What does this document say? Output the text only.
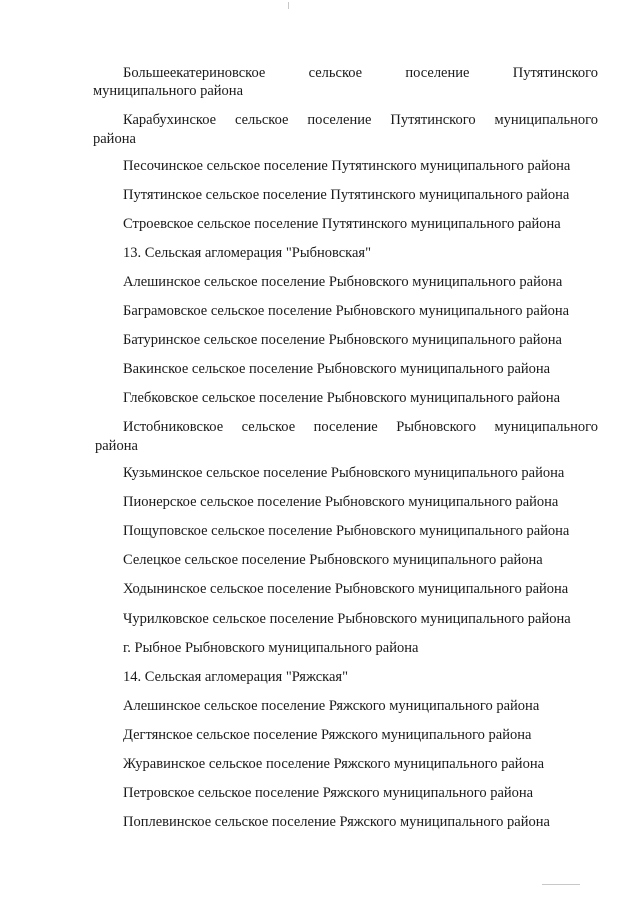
Большеекатериновское	сельское	поселение	Путятинского
муниципального района
Карабухинское сельское поселение Путятинского муниципального
района
Песочинское сельское поселение Путятинского муниципального района
Путятинское сельское поселение Путятинского муниципального района
Строевское сельское поселение Путятинского муниципального района
13. Сельская агломерация "Рыбновская"
Алешинское сельское поселение Рыбновского муниципального района
Баграмовское сельское поселение Рыбновского муниципального района
Батуринское сельское поселение Рыбновского муниципального района
Вакинское сельское поселение Рыбновского муниципального района
Глебковское сельское поселение Рыбновского муниципального района
Истобниковское сельское поселение Рыбновского муниципального
района
Кузьминское сельское поселение Рыбновского муниципального района
Пионерское сельское поселение Рыбновского муниципального района
Пощуповское сельское поселение Рыбновского муниципального района
Селецкое сельское поселение Рыбновского муниципального района
Ходынинское сельское поселение Рыбновского муниципального района
Чурилковское сельское поселение Рыбновского муниципального района
г. Рыбное Рыбновского муниципального района
14. Сельская агломерация "Ряжская"
Алешинское сельское поселение Ряжского муниципального района
Дегтянское сельское поселение Ряжского муниципального района
Журавинское сельское поселение Ряжского муниципального района
Петровское сельское поселение Ряжского муниципального района
Поплевинское сельское поселение Ряжского муниципального района
